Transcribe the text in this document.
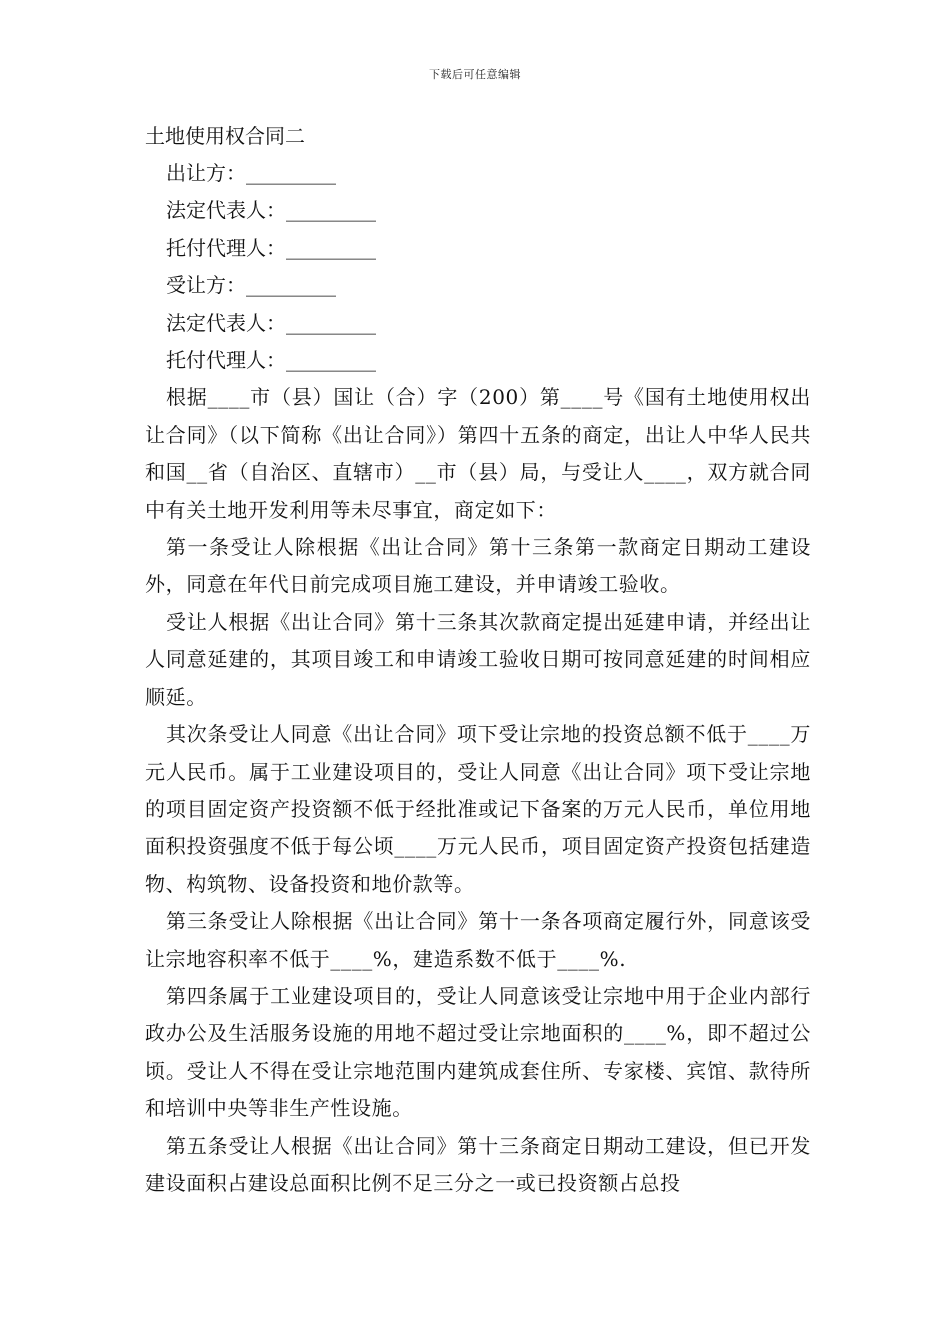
下载后可任意编辑

土地使用权合同二

出让方：_________

法定代表人：_________

托付代理人：_________

受让方：_________

法定代表人：_________

托付代理人：_________

根据____市（县）国让（合）字（200）第____号《国有土地使用权出让合同》（以下简称《出让合同》）第四十五条的商定，出让人中华人民共和国__省（自治区、直辖市）__市（县）局，与受让人____，双方就合同中有关土地开发利用等未尽事宜，商定如下：

第一条受让人除根据《出让合同》第十三条第一款商定日期动工建设外，同意在年代日前完成项目施工建设，并申请竣工验收。

受让人根据《出让合同》第十三条其次款商定提出延建申请，并经出让人同意延建的，其项目竣工和申请竣工验收日期可按同意延建的时间相应顺延。

其次条受让人同意《出让合同》项下受让宗地的投资总额不低于____万元人民币。属于工业建设项目的，受让人同意《出让合同》项下受让宗地的项目固定资产投资额不低于经批准或记下备案的万元人民币，单位用地面积投资强度不低于每公顷____万元人民币，项目固定资产投资包括建造物、构筑物、设备投资和地价款等。

第三条受让人除根据《出让合同》第十一条各项商定履行外，同意该受让宗地容积率不低于____%，建造系数不低于____%.

第四条属于工业建设项目的，受让人同意该受让宗地中用于企业内部行政办公及生活服务设施的用地不超过受让宗地面积的____%，即不超过公顷。受让人不得在受让宗地范围内建筑成套住所、专家楼、宾馆、款待所和培训中央等非生产性设施。

第五条受让人根据《出让合同》第十三条商定日期动工建设，但已开发建设面积占建设总面积比例不足三分之一或已投资额占总投
